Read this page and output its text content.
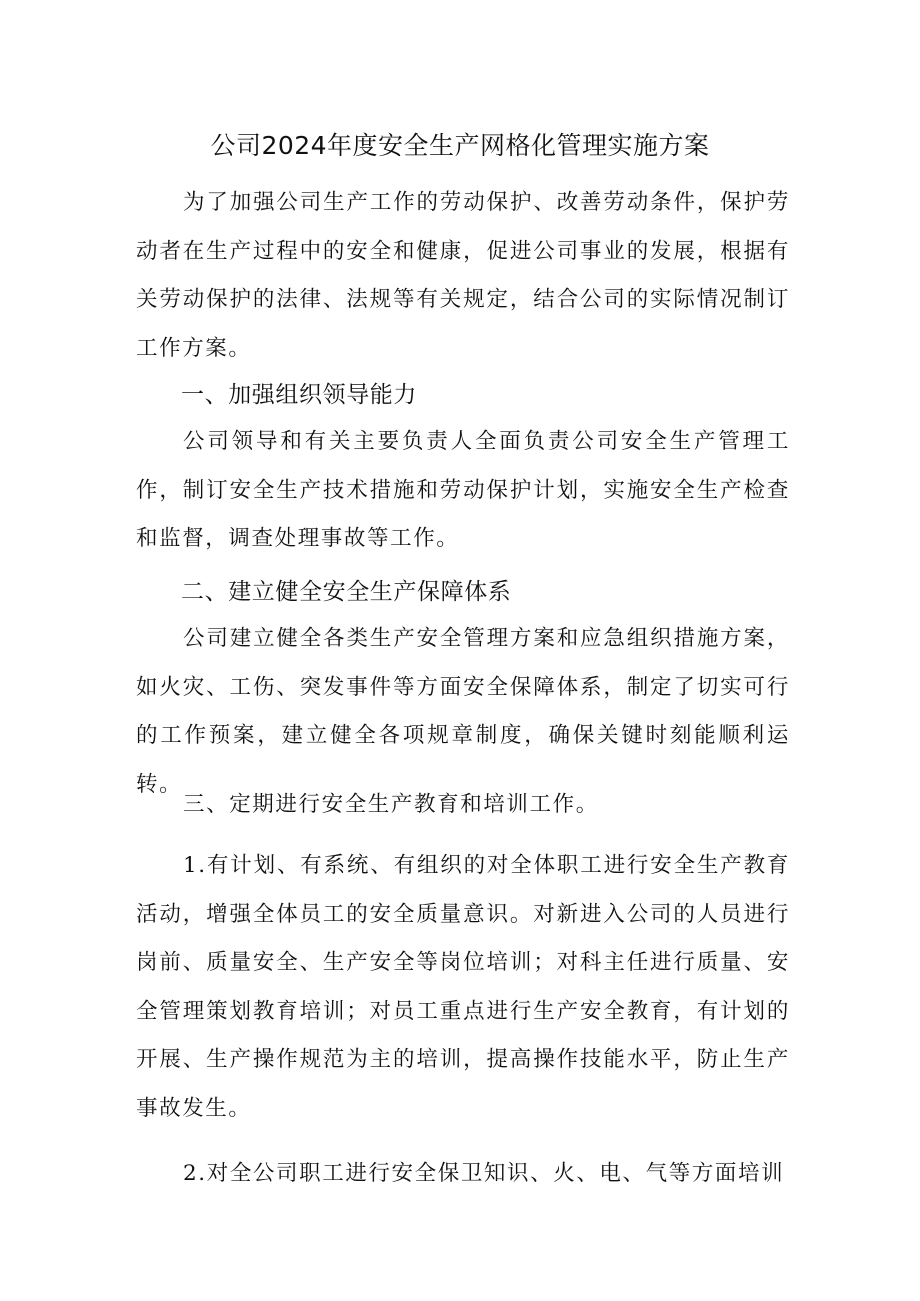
公司2024年度安全生产网格化管理实施方案

为了加强公司生产工作的劳动保护、改善劳动条件，保护劳动者在生产过程中的安全和健康，促进公司事业的发展，根据有关劳动保护的法律、法规等有关规定，结合公司的实际情况制订工作方案。

一、加强组织领导能力

公司领导和有关主要负责人全面负责公司安全生产管理工作，制订安全生产技术措施和劳动保护计划，实施安全生产检查和监督，调查处理事故等工作。

二、建立健全安全生产保障体系

公司建立健全各类生产安全管理方案和应急组织措施方案，如火灾、工伤、突发事件等方面安全保障体系，制定了切实可行的工作预案，建立健全各项规章制度，确保关键时刻能顺利运转。

三、定期进行安全生产教育和培训工作。

1.有计划、有系统、有组织的对全体职工进行安全生产教育活动，增强全体员工的安全质量意识。对新进入公司的人员进行岗前、质量安全、生产安全等岗位培训；对科主任进行质量、安全管理策划教育培训；对员工重点进行生产安全教育，有计划的开展、生产操作规范为主的培训，提高操作技能水平，防止生产事故发生。

2.对全公司职工进行安全保卫知识、火、电、气等方面培训
